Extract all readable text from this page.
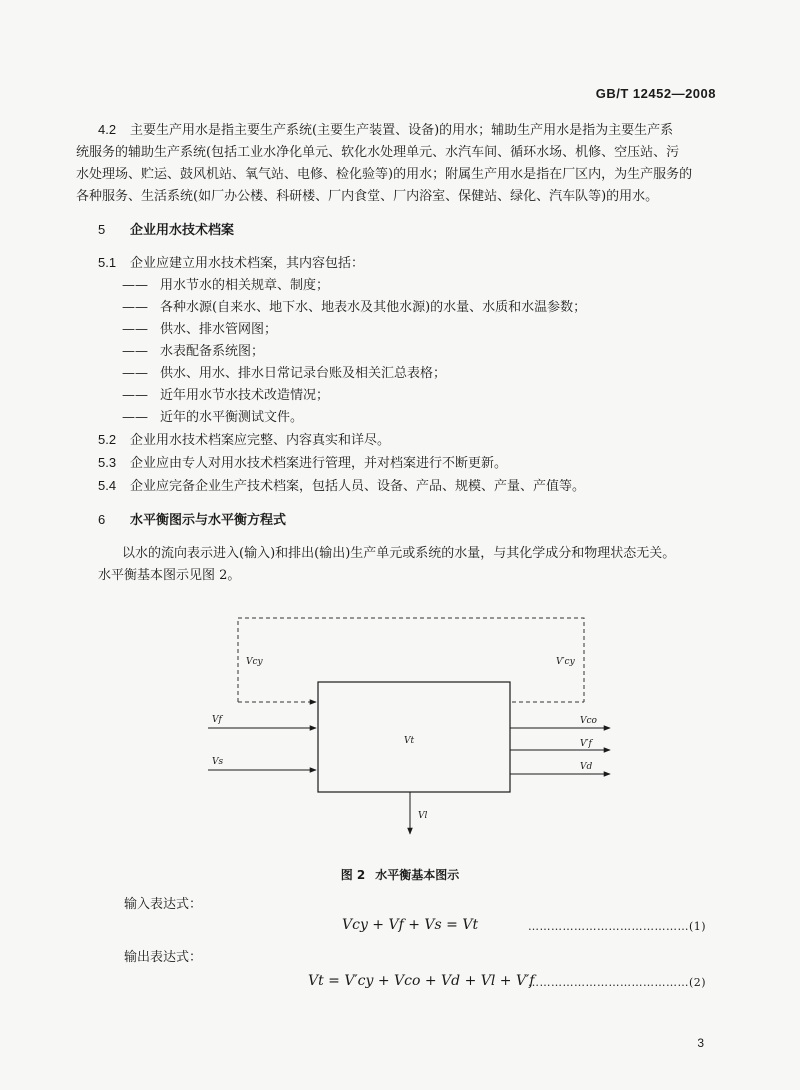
GB/T 12452—2008

4.2 主要生产用水是指主要生产系统(主要生产装置、设备)的用水；辅助生产用水是指为主要生产系

统服务的辅助生产系统(包括工业水净化单元、软化水处理单元、水汽车间、循环水场、机修、空压站、污

水处理场、贮运、鼓风机站、氧气站、电修、检化验等)的用水；附属生产用水是指在厂区内，为生产服务的

各种服务、生活系统(如厂办公楼、科研楼、厂内食堂、厂内浴室、保健站、绿化、汽车队等)的用水。

5 企业用水技术档案

5.1 企业应建立用水技术档案，其内容包括：

—— 用水节水的相关规章、制度；
—— 各种水源(自来水、地下水、地表水及其他水源)的水量、水质和水温参数；
—— 供水、排水管网图；
—— 水表配备系统图；
—— 供水、用水、排水日常记录台账及相关汇总表格；
—— 近年用水节水技术改造情况；
—— 近年的水平衡测试文件。

5.2 企业用水技术档案应完整、内容真实和详尽。

5.3 企业应由专人对用水技术档案进行管理，并对档案进行不断更新。

5.4 企业应完备企业生产技术档案，包括人员、设备、产品、规模、产量、产值等。

6 水平衡图示与水平衡方程式

以水的流向表示进入(输入)和排出(输出)生产单元或系统的水量，与其化学成分和物理状态无关。

水平衡基本图示见图 2。

Vcy	V′cy
Vf
Vs
Vt
Vco
V′f
Vd
Vl
图 2 水平衡基本图示
输入表达式：
Vcy + Vf + Vs = Vt	……………………………………(1)
输出表达式：
Vt = V′cy + Vco + Vd + Vl + V′f
……………………………………(2)
3
